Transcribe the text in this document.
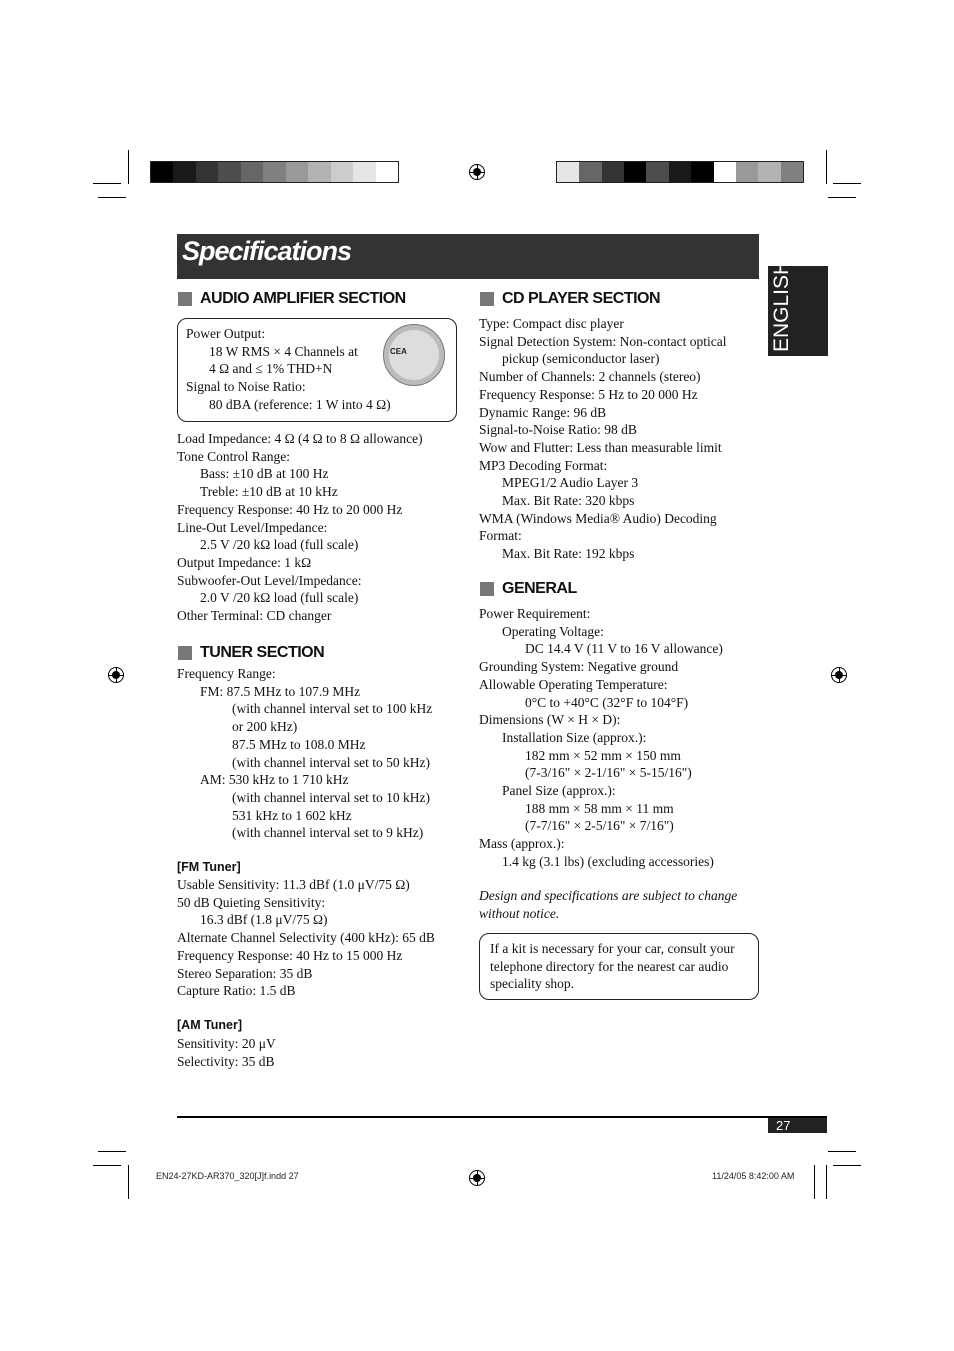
Specifications
ENGLISH
AUDIO AMPLIFIER SECTION
Power Output:
18 W RMS × 4 Channels at
4 Ω and ≤ 1% THD+N
Signal to Noise Ratio:
80 dBA (reference: 1 W into 4 Ω)
CEA
Load Impedance: 4 Ω (4 Ω to 8 Ω allowance)
Tone Control Range:
Bass: ±10 dB at 100 Hz
Treble: ±10 dB at 10 kHz
Frequency Response: 40 Hz to 20 000 Hz
Line-Out Level/Impedance:
2.5 V /20 kΩ load (full scale)
Output Impedance: 1 kΩ
Subwoofer-Out Level/Impedance:
2.0 V /20 kΩ load (full scale)
Other Terminal: CD changer
TUNER SECTION
Frequency Range:
FM: 87.5 MHz to 107.9 MHz
(with channel interval set to 100 kHz
or 200 kHz)
87.5 MHz to 108.0 MHz
(with channel interval set to 50 kHz)
AM: 530 kHz to 1 710 kHz
(with channel interval set to 10 kHz)
531 kHz to 1 602 kHz
(with channel interval set to 9 kHz)
[FM Tuner]
Usable Sensitivity: 11.3 dBf (1.0 μV/75 Ω)
50 dB Quieting Sensitivity:
16.3 dBf (1.8 μV/75 Ω)
Alternate Channel Selectivity (400 kHz): 65 dB
Frequency Response: 40 Hz to 15 000 Hz
Stereo Separation: 35 dB
Capture Ratio: 1.5 dB
[AM Tuner]
Sensitivity: 20 μV
Selectivity: 35 dB
CD PLAYER SECTION
Type: Compact disc player
Signal Detection System: Non-contact optical
pickup (semiconductor laser)
Number of Channels: 2 channels (stereo)
Frequency Response: 5 Hz to 20 000 Hz
Dynamic Range: 96 dB
Signal-to-Noise Ratio: 98 dB
Wow and Flutter: Less than measurable limit
MP3 Decoding Format:
MPEG1/2 Audio Layer 3
Max. Bit Rate: 320 kbps
WMA (Windows Media® Audio) Decoding
Format:
Max. Bit Rate: 192 kbps
GENERAL
Power Requirement:
Operating Voltage:
DC 14.4 V (11 V to 16 V allowance)
Grounding System: Negative ground
Allowable Operating Temperature:
0°C to +40°C (32°F to 104°F)
Dimensions (W × H × D):
Installation Size (approx.):
182 mm × 52 mm × 150 mm
(7-3/16" × 2-1/16" × 5-15/16")
Panel Size (approx.):
188 mm × 58 mm × 11 mm
(7-7/16" × 2-5/16" × 7/16")
Mass (approx.):
1.4 kg (3.1 lbs) (excluding accessories)
Design and specifications are subject to change
without notice.
If a kit is necessary for your car, consult your
telephone directory for the nearest car audio
speciality shop.
27
EN24-27KD-AR370_320[J]f.indd 27	11/24/05 8:42:00 AM
